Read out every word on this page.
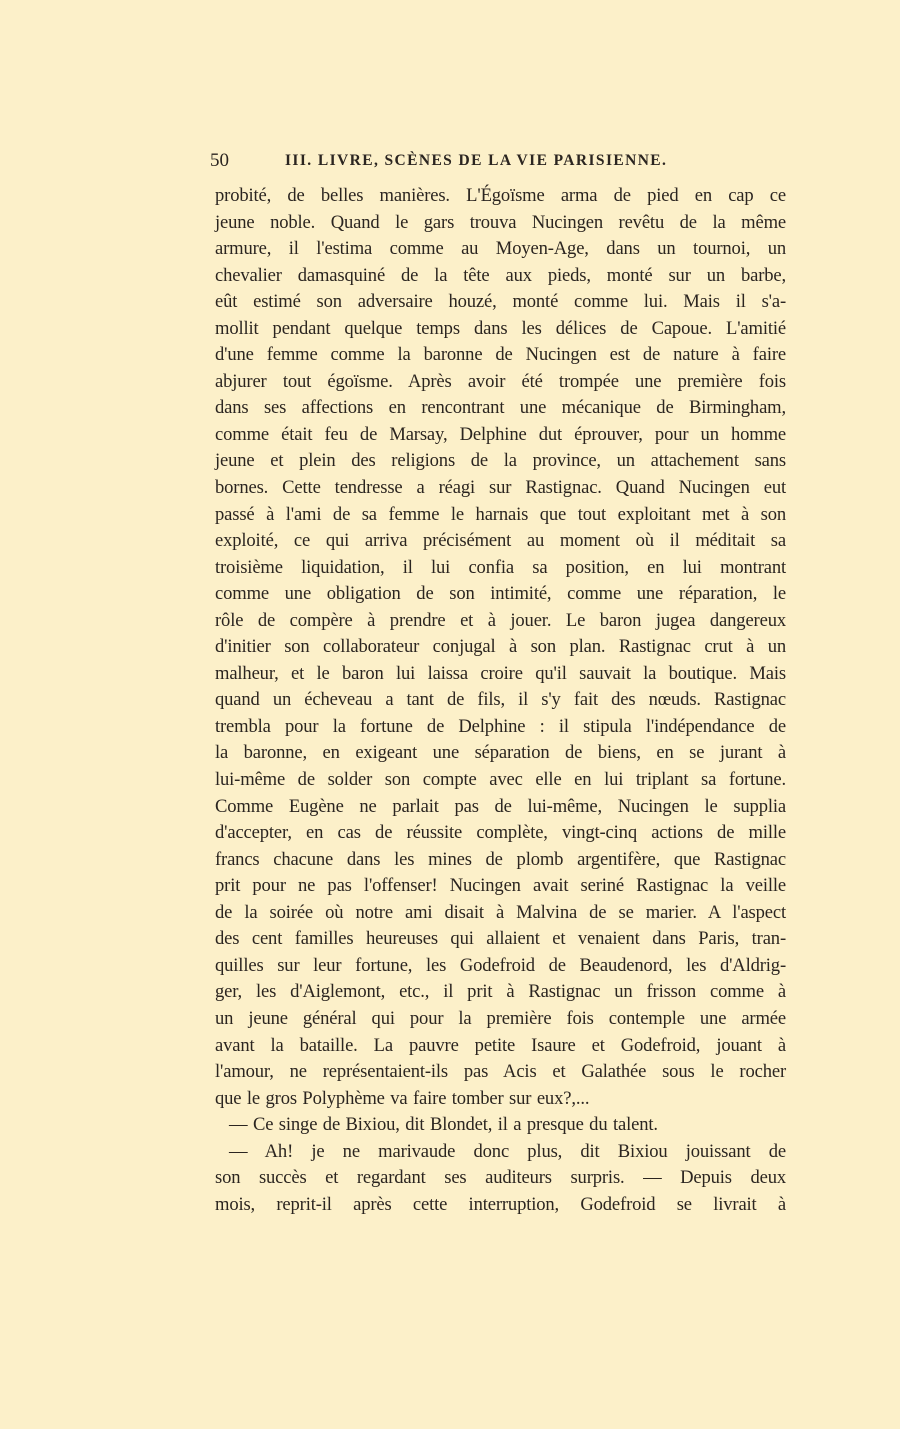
50	III. LIVRE, SCÈNES DE LA VIE PARISIENNE.
probité, de belles manières. L'Égoïsme arma de pied en cap ce
jeune noble. Quand le gars trouva Nucingen revêtu de la même
armure, il l'estima comme au Moyen-Age, dans un tournoi, un
chevalier damasquiné de la tête aux pieds, monté sur un barbe,
eût estimé son adversaire houzé, monté comme lui. Mais il s'a-
mollit pendant quelque temps dans les délices de Capoue. L'amitié
d'une femme comme la baronne de Nucingen est de nature à faire
abjurer tout égoïsme. Après avoir été trompée une première fois
dans ses affections en rencontrant une mécanique de Birmingham,
comme était feu de Marsay, Delphine dut éprouver, pour un homme
jeune et plein des religions de la province, un attachement sans
bornes. Cette tendresse a réagi sur Rastignac. Quand Nucingen eut
passé à l'ami de sa femme le harnais que tout exploitant met à son
exploité, ce qui arriva précisément au moment où il méditait sa
troisième liquidation, il lui confia sa position, en lui montrant
comme une obligation de son intimité, comme une réparation, le
rôle de compère à prendre et à jouer. Le baron jugea dangereux
d'initier son collaborateur conjugal à son plan. Rastignac crut à un
malheur, et le baron lui laissa croire qu'il sauvait la boutique. Mais
quand un écheveau a tant de fils, il s'y fait des nœuds. Rastignac
trembla pour la fortune de Delphine : il stipula l'indépendance de
la baronne, en exigeant une séparation de biens, en se jurant à
lui-même de solder son compte avec elle en lui triplant sa fortune.
Comme Eugène ne parlait pas de lui-même, Nucingen le supplia
d'accepter, en cas de réussite complète, vingt-cinq actions de mille
francs chacune dans les mines de plomb argentifère, que Rastignac
prit pour ne pas l'offenser! Nucingen avait seriné Rastignac la veille
de la soirée où notre ami disait à Malvina de se marier. A l'aspect
des cent familles heureuses qui allaient et venaient dans Paris, tran-
quilles sur leur fortune, les Godefroid de Beaudenord, les d'Aldrig-
ger, les d'Aiglemont, etc., il prit à Rastignac un frisson comme à
un jeune général qui pour la première fois contemple une armée
avant la bataille. La pauvre petite Isaure et Godefroid, jouant à
l'amour, ne représentaient-ils pas Acis et Galathée sous le rocher
que le gros Polyphème va faire tomber sur eux?,...
— Ce singe de Bixiou, dit Blondet, il a presque du talent.
— Ah! je ne marivaude donc plus, dit Bixiou jouissant de
son succès et regardant ses auditeurs surpris. — Depuis deux
mois, reprit-il après cette interruption, Godefroid se livrait à
